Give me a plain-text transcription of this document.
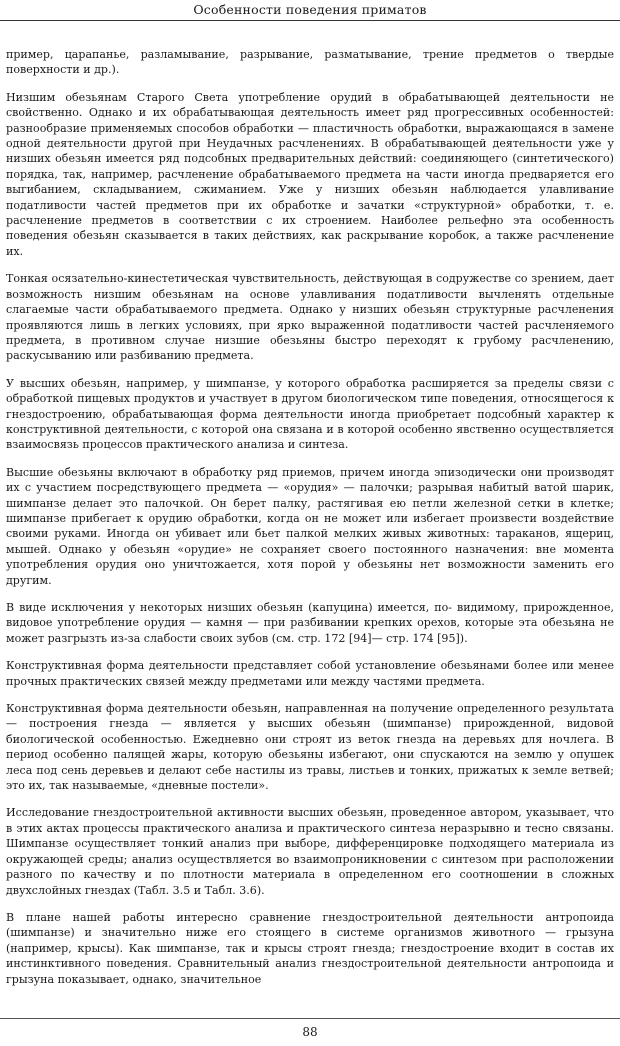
Особенности поведения приматов

пример, царапанье, разламывание, разрывание, разматывание, трение предметов о твердые поверхности и др.).

Низшим обезьянам Старого Света употребление орудий в обрабатывающей деятельности не свойственно. Однако и их обрабатывающая деятельность имеет ряд прогрессивных особенностей: разнообразие применяемых способов обработки — пластичность обработки, выражающаяся в замене одной деятельности другой при Неудачных расчленениях. В обрабатывающей деятельности уже у низших обезьян имеется ряд подсобных предварительных действий: соединяющего (синтетического) порядка, так, например, расчленение обрабатываемого предмета на части иногда предваряется его выгибанием, складыванием, сжиманием. Уже у низших обезьян наблюдается улавливание податливости частей предметов при их обработке и зачатки «структурной» обработки, т. е. расчленение предметов в соответствии с их строением. Наиболее рельефно эта особенность поведения обезьян сказывается в таких действиях, как раскрывание коробок, а также расчленение их.

Тонкая осязательно-кинестетическая чувствительность, действующая в содружестве со зрением, дает возможность низшим обезьянам на основе улавливания податливости вычленять отдельные слагаемые части обрабатываемого предмета. Однако у низших обезьян структурные расчленения проявляются лишь в легких условиях, при ярко выраженной податливости частей расчленяемого предмета, в противном случае низшие обезьяны быстро переходят к грубому расчленению, раскусыванию или разбиванию предмета.

У высших обезьян, например, у шимпанзе, у которого обработка расширяется за пределы связи с обработкой пищевых продуктов и участвует в другом биологическом типе поведения, относящегося к гнездостроению, обрабатывающая форма деятельности иногда приобретает подсобный характер к конструктивной деятельности, с которой она связана и в которой особенно явственно осуществляется взаимосвязь процессов практического анализа и синтеза.

Высшие обезьяны включают в обработку ряд приемов, причем иногда эпизодически они производят их с участием посредствующего предмета — «орудия» — палочки; разрывая набитый ватой шарик, шимпанзе делает это палочкой. Он берет палку, растягивая ею петли железной сетки в клетке; шимпанзе прибегает к орудию обработки, когда он не может или избегает произвести воздействие своими руками. Иногда он убивает или бьет палкой мелких живых животных: тараканов, ящериц, мышей. Однако у обезьян «орудие» не сохраняет своего постоянного назначения: вне момента употребления орудия оно уничтожается, хотя порой у обезьяны нет возможности заменить его другим.

В виде исключения у некоторых низших обезьян (капуцина) имеется, по- видимому, прирожденное, видовое употребление орудия — камня — при разбивании крепких орехов, которые эта обезьяна не может разгрызть из-за слабости своих зубов (см. стр. 172 [94]— стр. 174 [95]).

Конструктивная форма деятельности представляет собой установление обезьянами более или менее прочных практических связей между предметами или между частями предмета.

Конструктивная форма деятельности обезьян, направленная на получение определенного результата — построения гнезда — является у высших обезьян (шимпанзе) прирожденной, видовой биологической особенностью. Ежедневно они строят из веток гнезда на деревьях для ночлега. В период особенно палящей жары, которую обезьяны избегают, они спускаются на землю у опушек леса под сень деревьев и делают себе настилы из травы, листьев и тонких, прижатых к земле ветвей; это их, так называемые, «дневные постели».

Исследование гнездостроительной активности высших обезьян, проведенное автором, указывает, что в этих актах процессы практического анализа и практического синтеза неразрывно и тесно связаны. Шимпанзе осуществляет тонкий анализ при выборе, дифференцировке подходящего материала из окружающей среды; анализ осуществляется во взаимопроникновении с синтезом при расположении разного по качеству и по плотности материала в определенном его соотношении в сложных двухслойных гнездах (Табл. 3.5 и Табл. 3.6).

В плане нашей работы интересно сравнение гнездостроительной деятельности антропоида (шимпанзе) и значительно ниже его стоящего в системе организмов животного — грызуна (например, крысы). Как шимпанзе, так и крысы строят гнезда; гнездостроение входит в состав их инстинктивного поведения. Сравнительный анализ гнездостроительной деятельности антропоида и грызуна показывает, однако, значительное

88
